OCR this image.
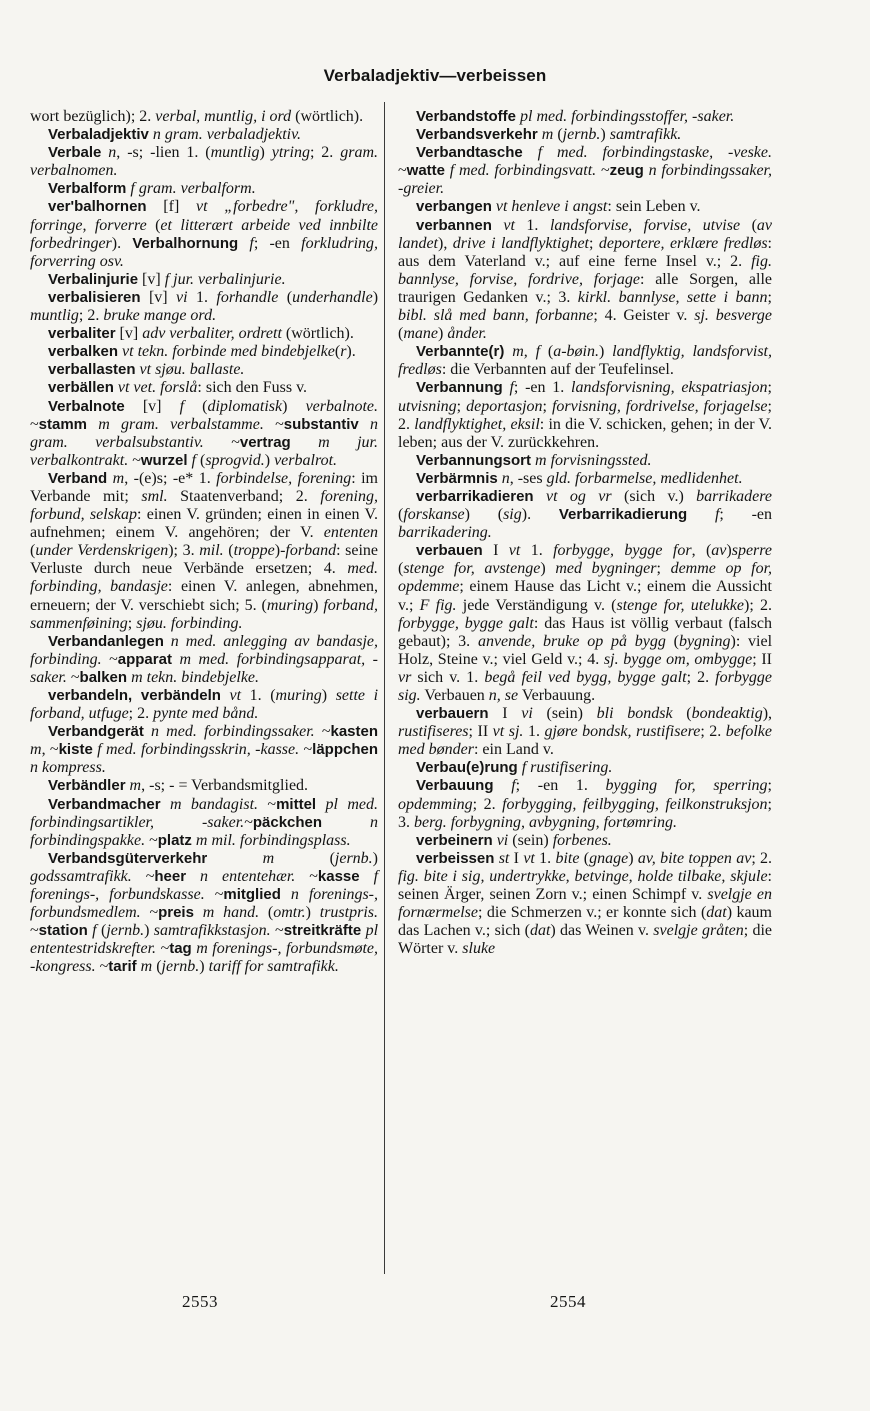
Verbaladjektiv—verbeissen

wort bezüglich); 2. verbal, muntlig, i ord (wörtlich).

Verbaladjektiv n gram. verbaladjektiv.

Verbale n, -s; -lien 1. (muntlig) ytring; 2. gram. verbalnomen.

Verbalform f gram. verbalform.

ver'balhornen [f] vt „forbedre", forkludre, forringe, forverre (et litterært arbeide ved innbilte forbedringer). Verbalhornung f; -en forkludring, forverring osv.

Verbalinjurie [v] f jur. verbalinjurie.

verbalisieren [v] vi 1. forhandle (underhandle) muntlig; 2. bruke mange ord.

verbaliter [v] adv verbaliter, ordrett (wörtlich).

verbalken vt tekn. forbinde med bindebjelke(r).

verballasten vt sjøu. ballaste.

verbällen vt vet. forslå: sich den Fuss v.

Verbalnote [v] f (diplomatisk) verbalnote. ~stamm m gram. verbalstamme. ~substantiv n gram. verbalsubstantiv. ~vertrag m jur. verbalkontrakt. ~wurzel f (sprogvid.) verbalrot.

Verband m, -(e)s; -e* 1. forbindelse, forening: im Verbande mit; sml. Staatenverband; 2. forening, forbund, selskap: einen V. gründen; einen in einen V. aufnehmen; einem V. angehören; der V. ententen (under Verdenskrigen); 3. mil. (troppe)-forband: seine Verluste durch neue Verbände ersetzen; 4. med. forbinding, bandasje: einen V. anlegen, abnehmen, erneuern; der V. verschiebt sich; 5. (muring) forband, sammenføining; sjøu. forbinding.

Verbandanlegen n med. anlegging av bandasje, forbinding. ~apparat m med. forbindingsapparat, -saker. ~balken m tekn. bindebjelke.

verbandeln, verbändeln vt 1. (muring) sette i forband, utfuge; 2. pynte med bånd.

Verbandgerät n med. forbindingssaker. ~kasten m, ~kiste f med. forbindingsskrin, -kasse. ~läppchen n kompress.

Verbändler m, -s; - = Verbandsmitglied.

Verbandmacher m bandagist. ~mittel pl med. forbindingsartikler, -saker.~päckchen n forbindingspakke. ~platz m mil. forbindingsplass.

Verbandsgüterverkehr m (jernb.) godssamtrafikk. ~heer n ententehær. ~kasse f forenings-, forbundskasse. ~mitglied n forenings-, forbundsmedlem. ~preis m hand. (omtr.) trustpris. ~station f (jernb.) samtrafikkstasjon. ~streitkräfte pl ententestridskrefter. ~tag m forenings-, forbundsmøte, -kongress. ~tarif m (jernb.) tariff for samtrafikk.

Verbandstoffe pl med. forbindingsstoffer, -saker.

Verbandsverkehr m (jernb.) samtrafikk.

Verbandtasche f med. forbindingstaske, -veske. ~watte f med. forbindingsvatt. ~zeug n forbindingssaker, -greier.

verbangen vt henleve i angst: sein Leben v.

verbannen vt 1. landsforvise, forvise, utvise (av landet), drive i landflyktighet; deportere, erklære fredløs: aus dem Vaterland v.; auf eine ferne Insel v.; 2. fig. bannlyse, forvise, fordrive, forjage: alle Sorgen, alle traurigen Gedanken v.; 3. kirkl. bannlyse, sette i bann; bibl. slå med bann, forbanne; 4. Geister v. sj. besverge (mane) ånder.

Verbannte(r) m, f (a-bøin.) landflyktig, landsforvist, fredløs: die Verbannten auf der Teufelinsel.

Verbannung f; -en 1. landsforvisning, ekspatriasjon; utvisning; deportasjon; forvisning, fordrivelse, forjagelse; 2. landflyktighet, eksil: in die V. schicken, gehen; in der V. leben; aus der V. zurückkehren.

Verbannungsort m forvisningssted.

Verbärmnis n, -ses gld. forbarmelse, medlidenhet.

verbarrikadieren vt og vr (sich v.) barrikadere (forskanse) (sig). Verbarrikadierung f; -en barrikadering.

verbauen I vt 1. forbygge, bygge for, (av)sperre (stenge for, avstenge) med bygninger; demme op for, opdemme; einem Hause das Licht v.; einem die Aussicht v.; F fig. jede Verständigung v. (stenge for, utelukke); 2. forbygge, bygge galt: das Haus ist völlig verbaut (falsch gebaut); 3. anvende, bruke op på bygg (bygning): viel Holz, Steine v.; viel Geld v.; 4. sj. bygge om, ombygge; II vr sich v. 1. begå feil ved bygg, bygge galt; 2. forbygge sig. Verbauen n, se Verbauung.

verbauern I vi (sein) bli bondsk (bondeaktig), rustifiseres; II vt sj. 1. gjøre bondsk, rustifisere; 2. befolke med bønder: ein Land v.

Verbau(e)rung f rustifisering.

Verbauung f; -en 1. bygging for, sperring; opdemming; 2. forbygging, feilbygging, feilkonstruksjon; 3. berg. forbygning, avbygning, fortømring.

verbeinern vi (sein) forbenes.

verbeissen st I vt 1. bite (gnage) av, bite toppen av; 2. fig. bite i sig, undertrykke, betvinge, holde tilbake, skjule: seinen Ärger, seinen Zorn v.; einen Schimpf v. svelgje en fornærmelse; die Schmerzen v.; er konnte sich (dat) kaum das Lachen v.; sich (dat) das Weinen v. svelgje gråten; die Wörter v. sluke

2553	2554
